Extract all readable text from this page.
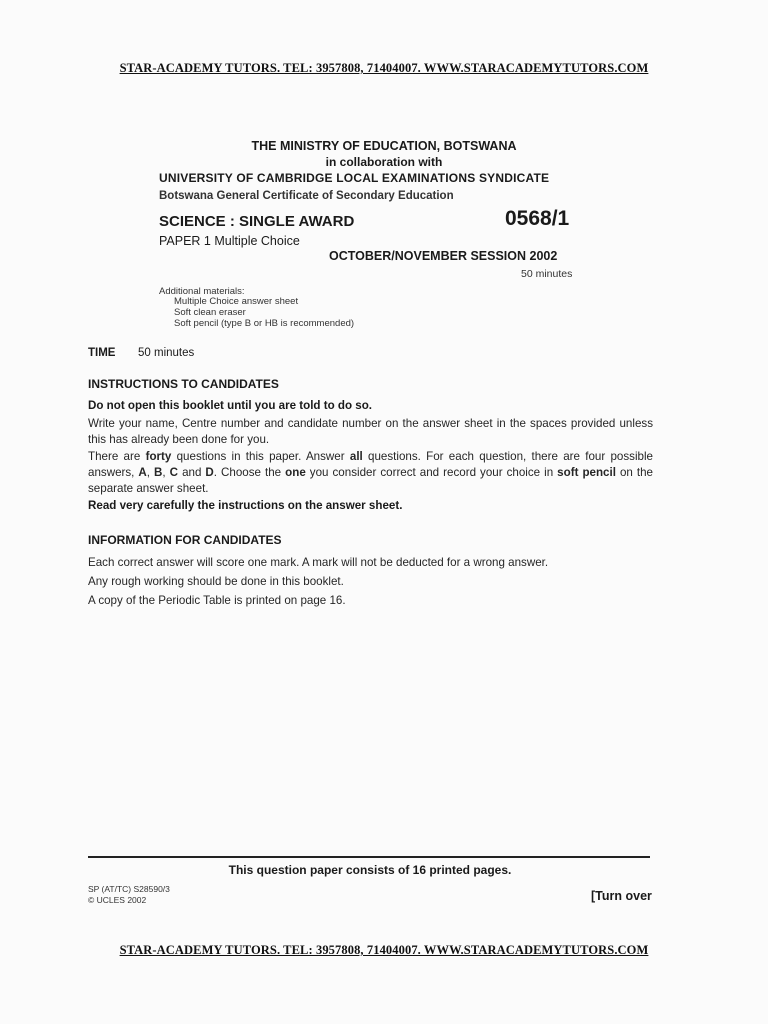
STAR-ACADEMY TUTORS. TEL: 3957808, 71404007. WWW.STARACADEMYTUTORS.COM
THE MINISTRY OF EDUCATION, BOTSWANA
in collaboration with
UNIVERSITY OF CAMBRIDGE LOCAL EXAMINATIONS SYNDICATE
Botswana General Certificate of Secondary Education
SCIENCE : SINGLE AWARD	0568/1
PAPER 1 Multiple Choice
OCTOBER/NOVEMBER SESSION 2002
50 minutes
Additional materials:
Multiple Choice answer sheet
Soft clean eraser
Soft pencil (type B or HB is recommended)
TIME 50 minutes
INSTRUCTIONS TO CANDIDATES
Do not open this booklet until you are told to do so.
Write your name, Centre number and candidate number on the answer sheet in the spaces provided unless this has already been done for you.
There are forty questions in this paper. Answer all questions. For each question, there are four possible answers, A, B, C and D. Choose the one you consider correct and record your choice in soft pencil on the separate answer sheet.
Read very carefully the instructions on the answer sheet.
INFORMATION FOR CANDIDATES
Each correct answer will score one mark. A mark will not be deducted for a wrong answer.
Any rough working should be done in this booklet.
A copy of the Periodic Table is printed on page 16.
This question paper consists of 16 printed pages.
SP (AT/TC) S28590/3
© UCLES 2002	[Turn over
STAR-ACADEMY TUTORS. TEL: 3957808, 71404007. WWW.STARACADEMYTUTORS.COM
